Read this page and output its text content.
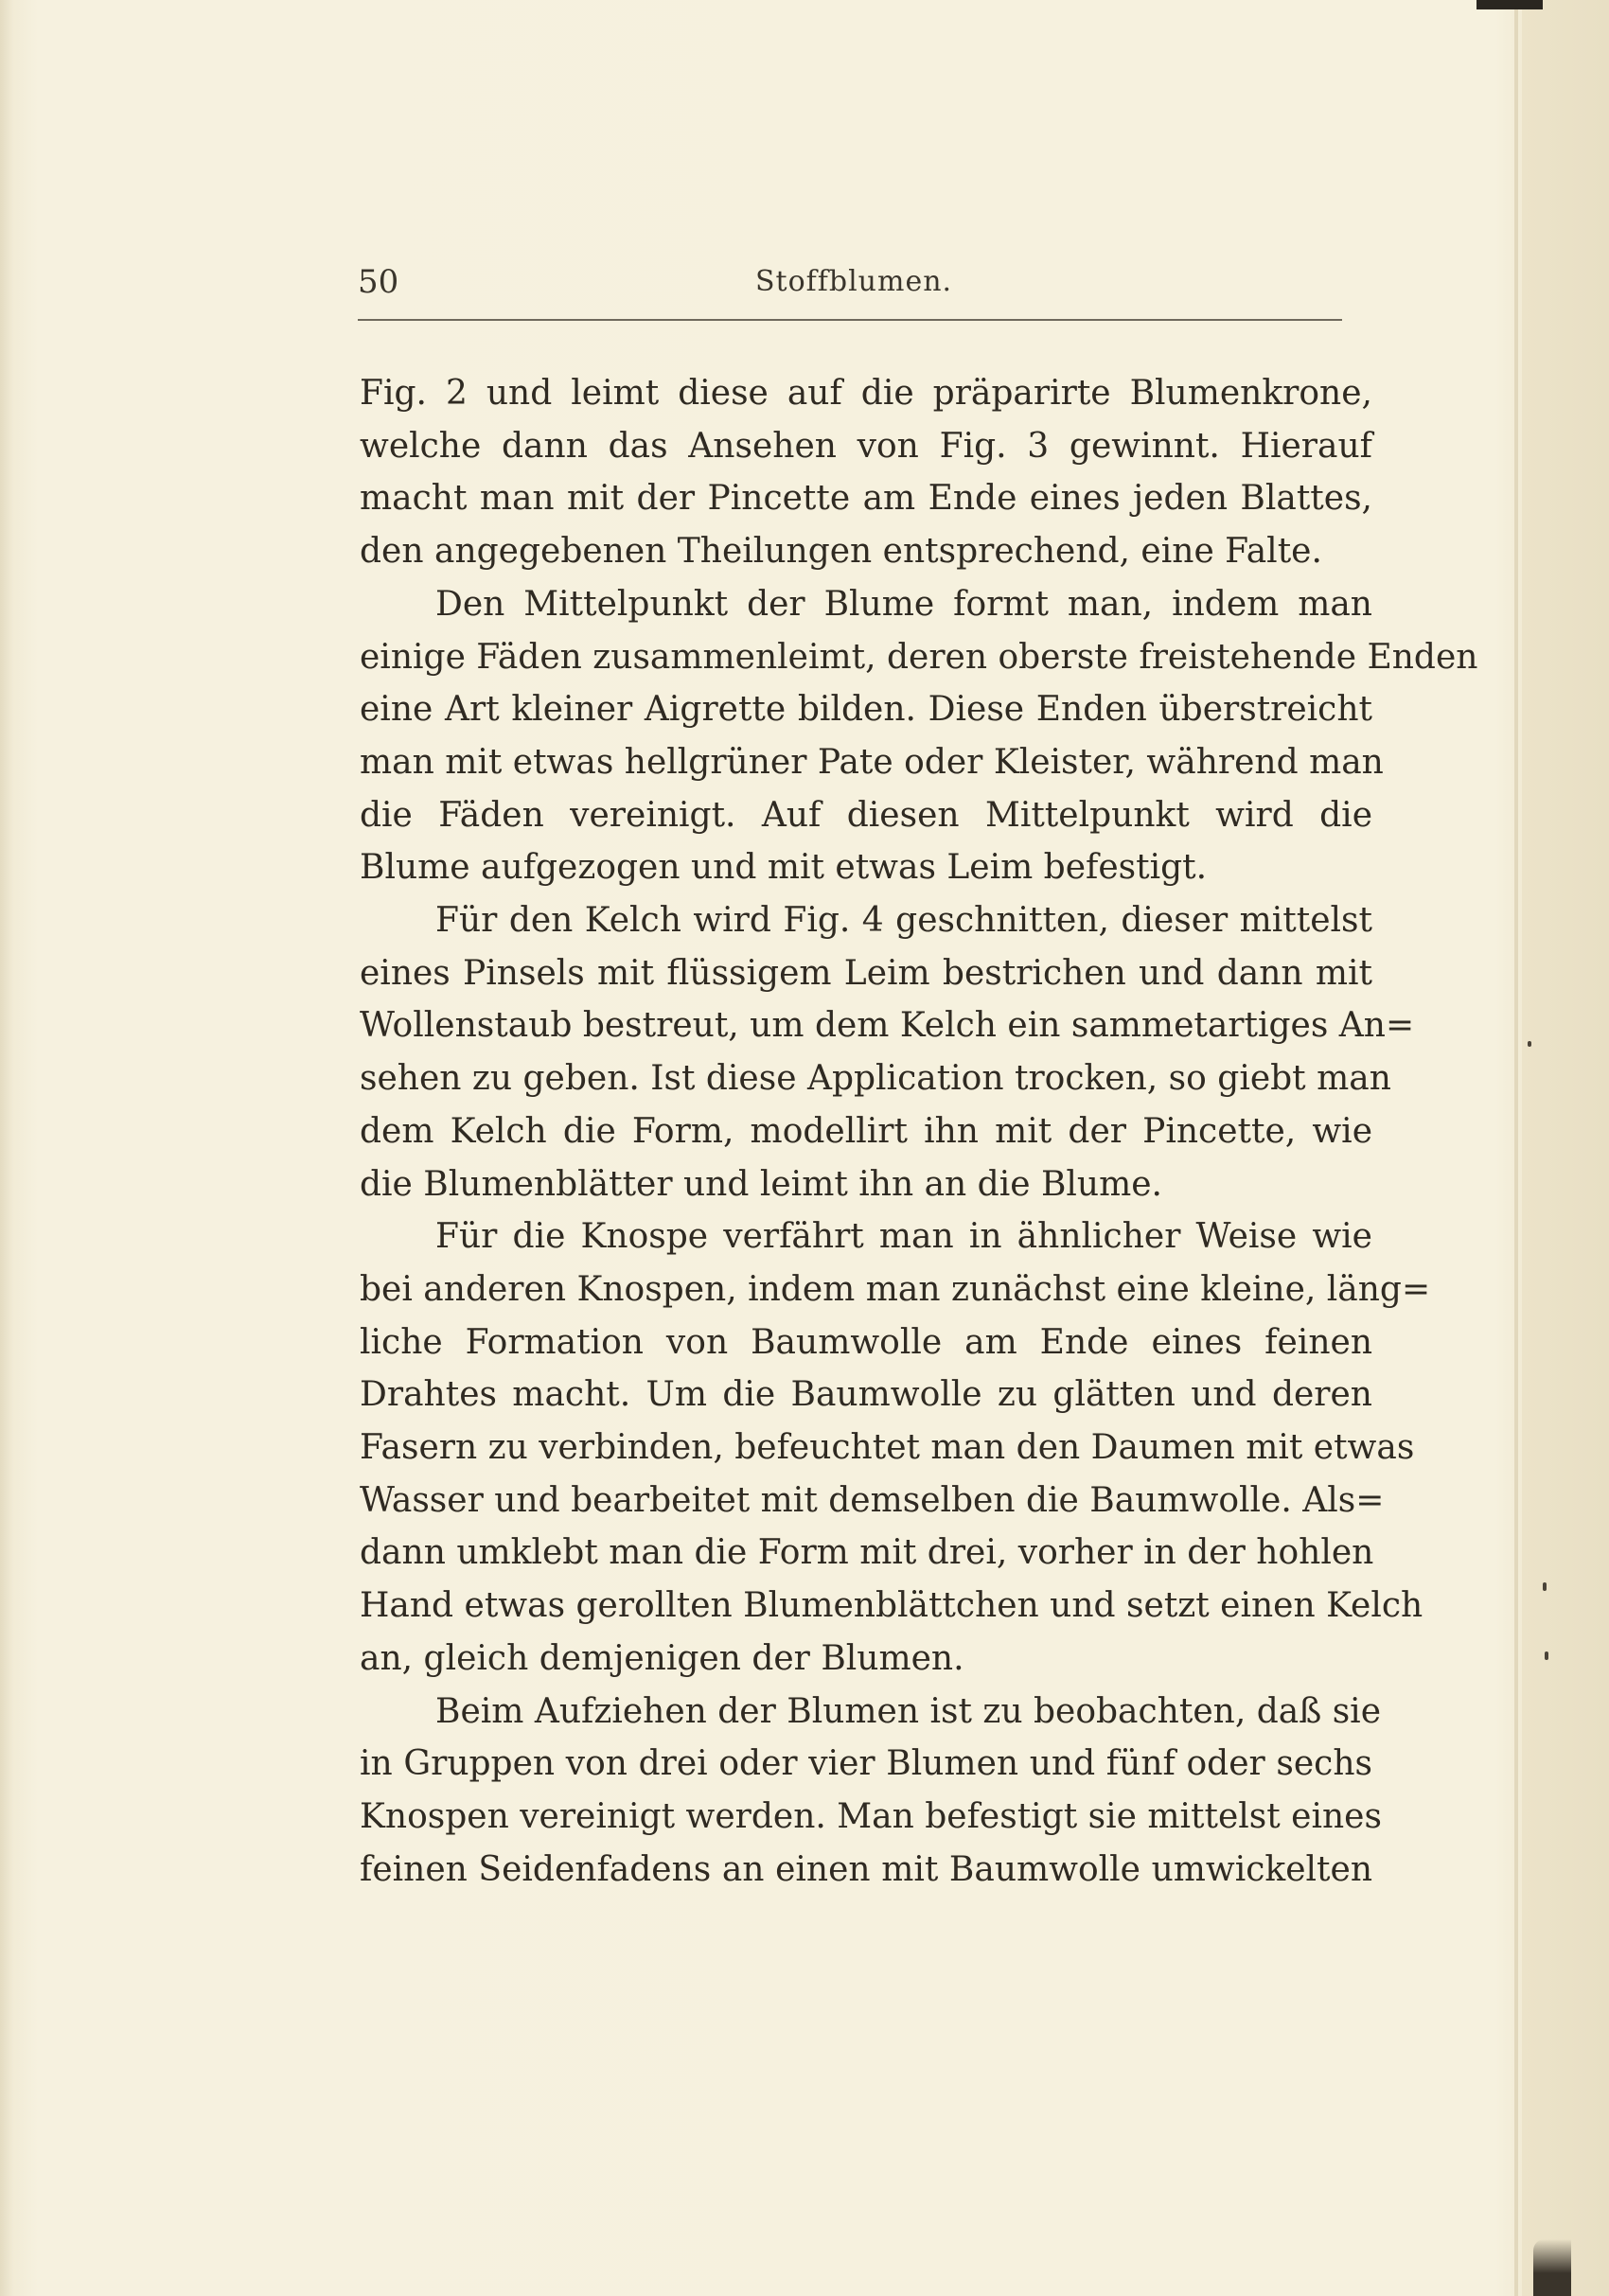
50	Stoffblumen.
Fig. 2 und leimt diese auf die präparirte Blumenkrone,
welche dann das Ansehen von Fig. 3 gewinnt. Hierauf
macht man mit der Pincette am Ende eines jeden Blattes,
den angegebenen Theilungen entsprechend, eine Falte.
Den Mittelpunkt der Blume formt man, indem man
einige Fäden zusammenleimt, deren oberste freistehende Enden
eine Art kleiner Aigrette bilden. Diese Enden überstreicht
man mit etwas hellgrüner Pate oder Kleister, während man
die Fäden vereinigt. Auf diesen Mittelpunkt wird die
Blume aufgezogen und mit etwas Leim befestigt.
Für den Kelch wird Fig. 4 geschnitten, dieser mittelst
eines Pinsels mit flüssigem Leim bestrichen und dann mit
Wollenstaub bestreut, um dem Kelch ein sammetartiges An=
sehen zu geben. Ist diese Application trocken, so giebt man
dem Kelch die Form, modellirt ihn mit der Pincette, wie
die Blumenblätter und leimt ihn an die Blume.
Für die Knospe verfährt man in ähnlicher Weise wie
bei anderen Knospen, indem man zunächst eine kleine, läng=
liche Formation von Baumwolle am Ende eines feinen
Drahtes macht. Um die Baumwolle zu glätten und deren
Fasern zu verbinden, befeuchtet man den Daumen mit etwas
Wasser und bearbeitet mit demselben die Baumwolle. Als=
dann umklebt man die Form mit drei, vorher in der hohlen
Hand etwas gerollten Blumenblättchen und setzt einen Kelch
an, gleich demjenigen der Blumen.
Beim Aufziehen der Blumen ist zu beobachten, daß sie
in Gruppen von drei oder vier Blumen und fünf oder sechs
Knospen vereinigt werden. Man befestigt sie mittelst eines
feinen Seidenfadens an einen mit Baumwolle umwickelten
